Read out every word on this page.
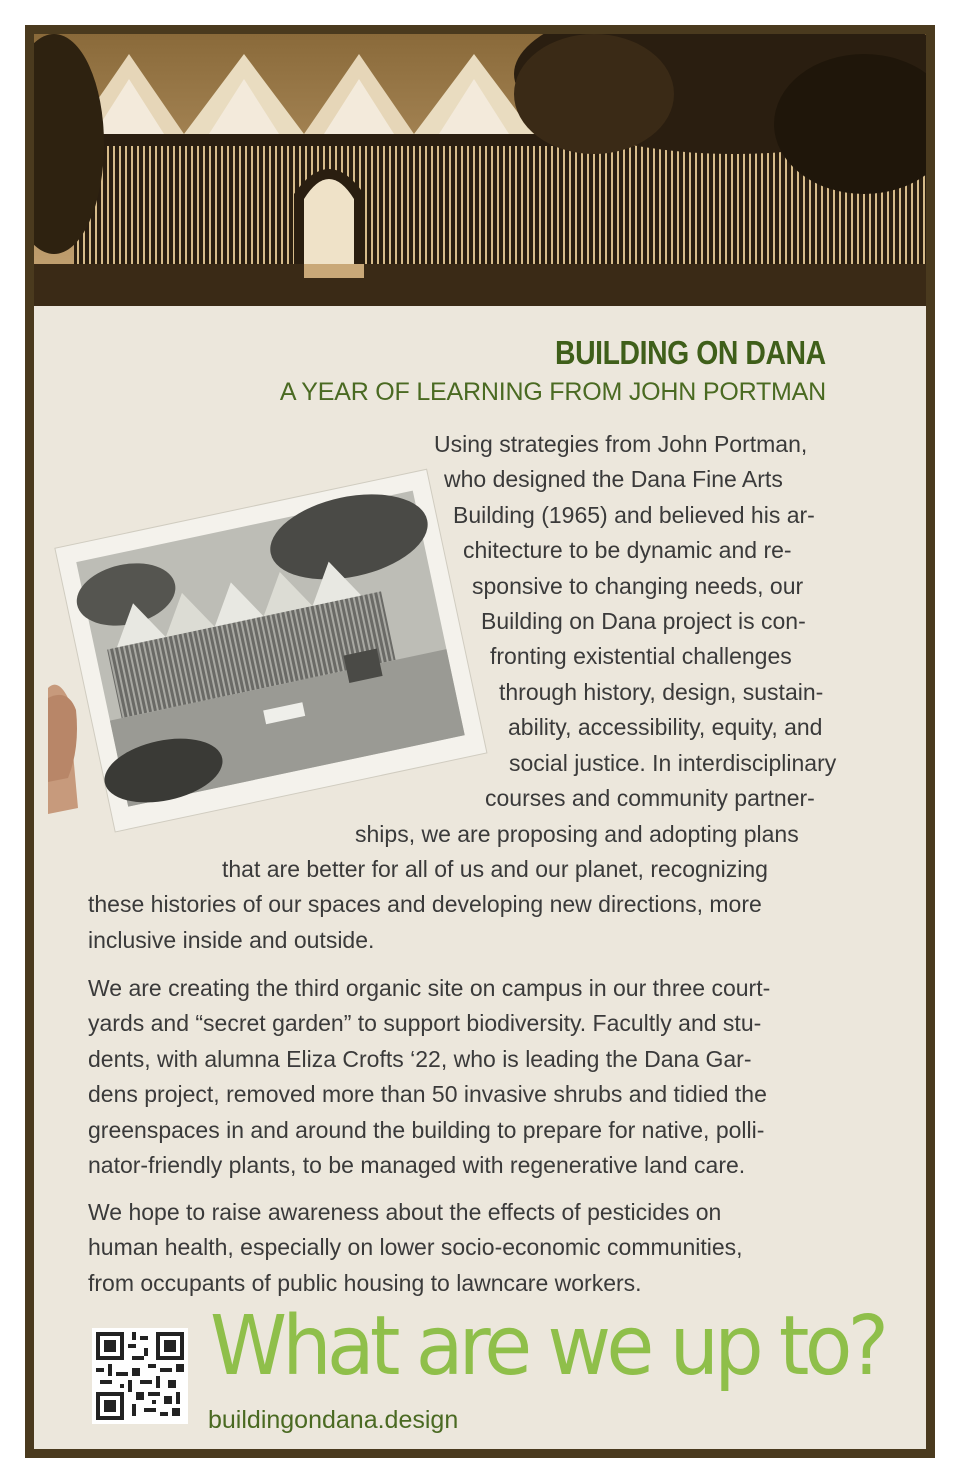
BUILDING ON DANA
A YEAR OF LEARNING FROM JOHN PORTMAN
Using strategies from John Portman,
who designed the Dana Fine Arts
Building (1965) and believed his ar-
chitecture to be dynamic and re-
sponsive to changing needs, our
Building on Dana project is con-
fronting existential challenges
through history, design, sustain-
ability, accessibility, equity, and
social justice. In interdisciplinary
courses and community partner-
ships, we are proposing and adopting plans
that are better for all of us and our planet, recognizing
these histories of our spaces and developing new directions, more
inclusive inside and outside.
We are creating the third organic site on campus in our three court-
yards and “secret garden” to support biodiversity. Facultly and stu-
dents, with alumna Eliza Crofts ‘22, who is leading the Dana Gar-
dens project, removed more than 50 invasive shrubs and tidied the
greenspaces in and around the building to prepare for native, polli-
nator-friendly plants, to be managed with regenerative land care.
We hope to raise awareness about the effects of pesticides on
human health, especially on lower socio-economic communities,
from occupants of public housing to lawncare workers.
What are we up to?
buildingondana.design
